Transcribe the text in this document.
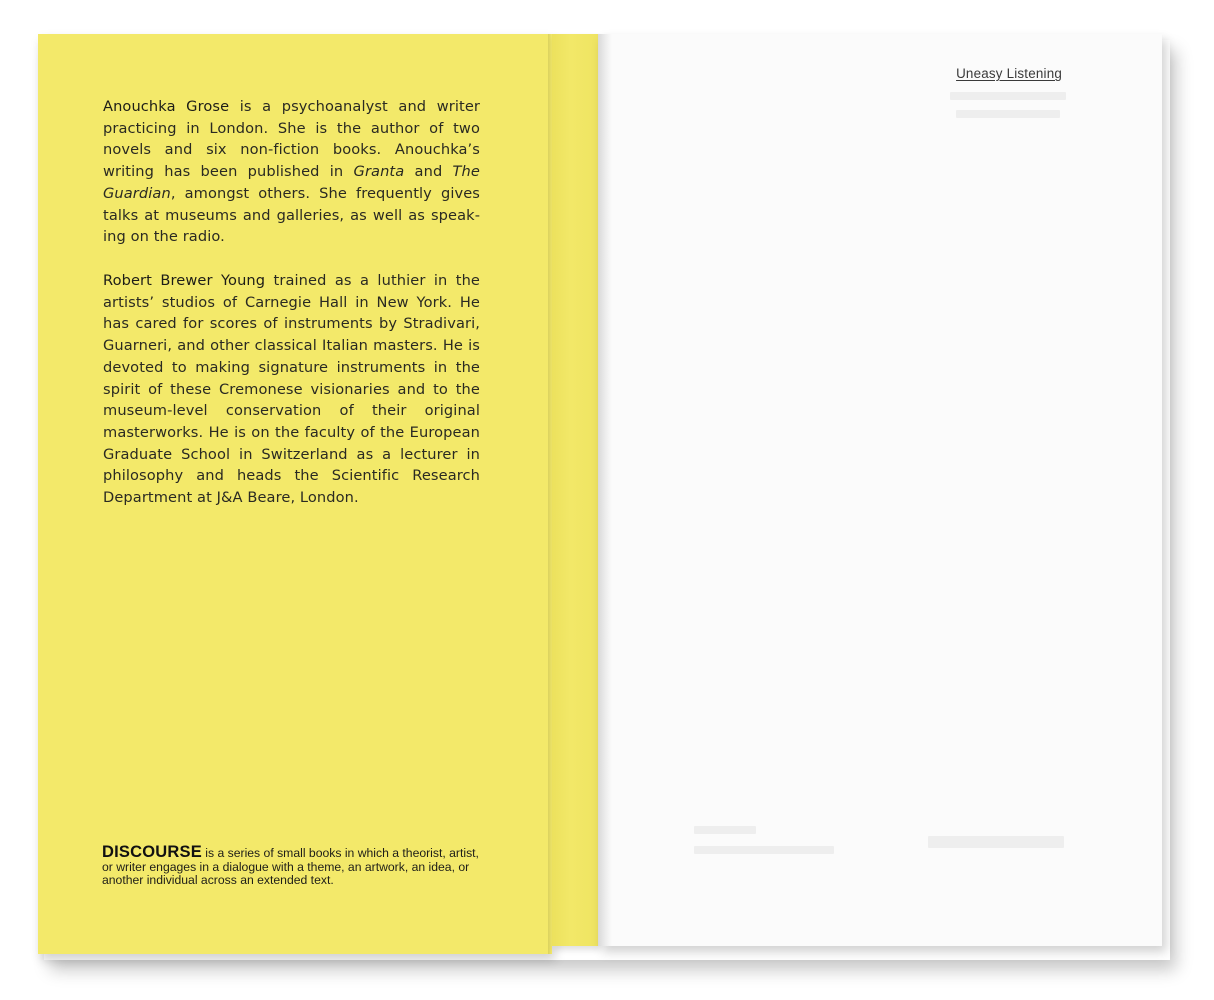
Anouchka Grose is a psychoanalyst and writer practicing in London. She is the author of two novels and six non-fiction books. Anouchka’s writing has been published in Granta and The Guardian, amongst others. She frequently gives talks at museums and galleries, as well as speaking on the radio.

Robert Brewer Young trained as a luthier in the artists’ studios of Carnegie Hall in New York. He has cared for scores of instruments by Stradivari, Guarneri, and other classical Italian masters. He is devoted to making signature instruments in the spirit of these Cremonese visionaries and to the museum-level conservation of their original masterworks. He is on the faculty of the European Graduate School in Switzerland as a lecturer in philosophy and heads the Scientific Research Department at J&A Beare, London.

DISCOURSE is a series of small books in which a theorist, artist, or writer engages in a dialogue with a theme, an artwork, an idea, or another individual across an extended text.

Uneasy Listening
